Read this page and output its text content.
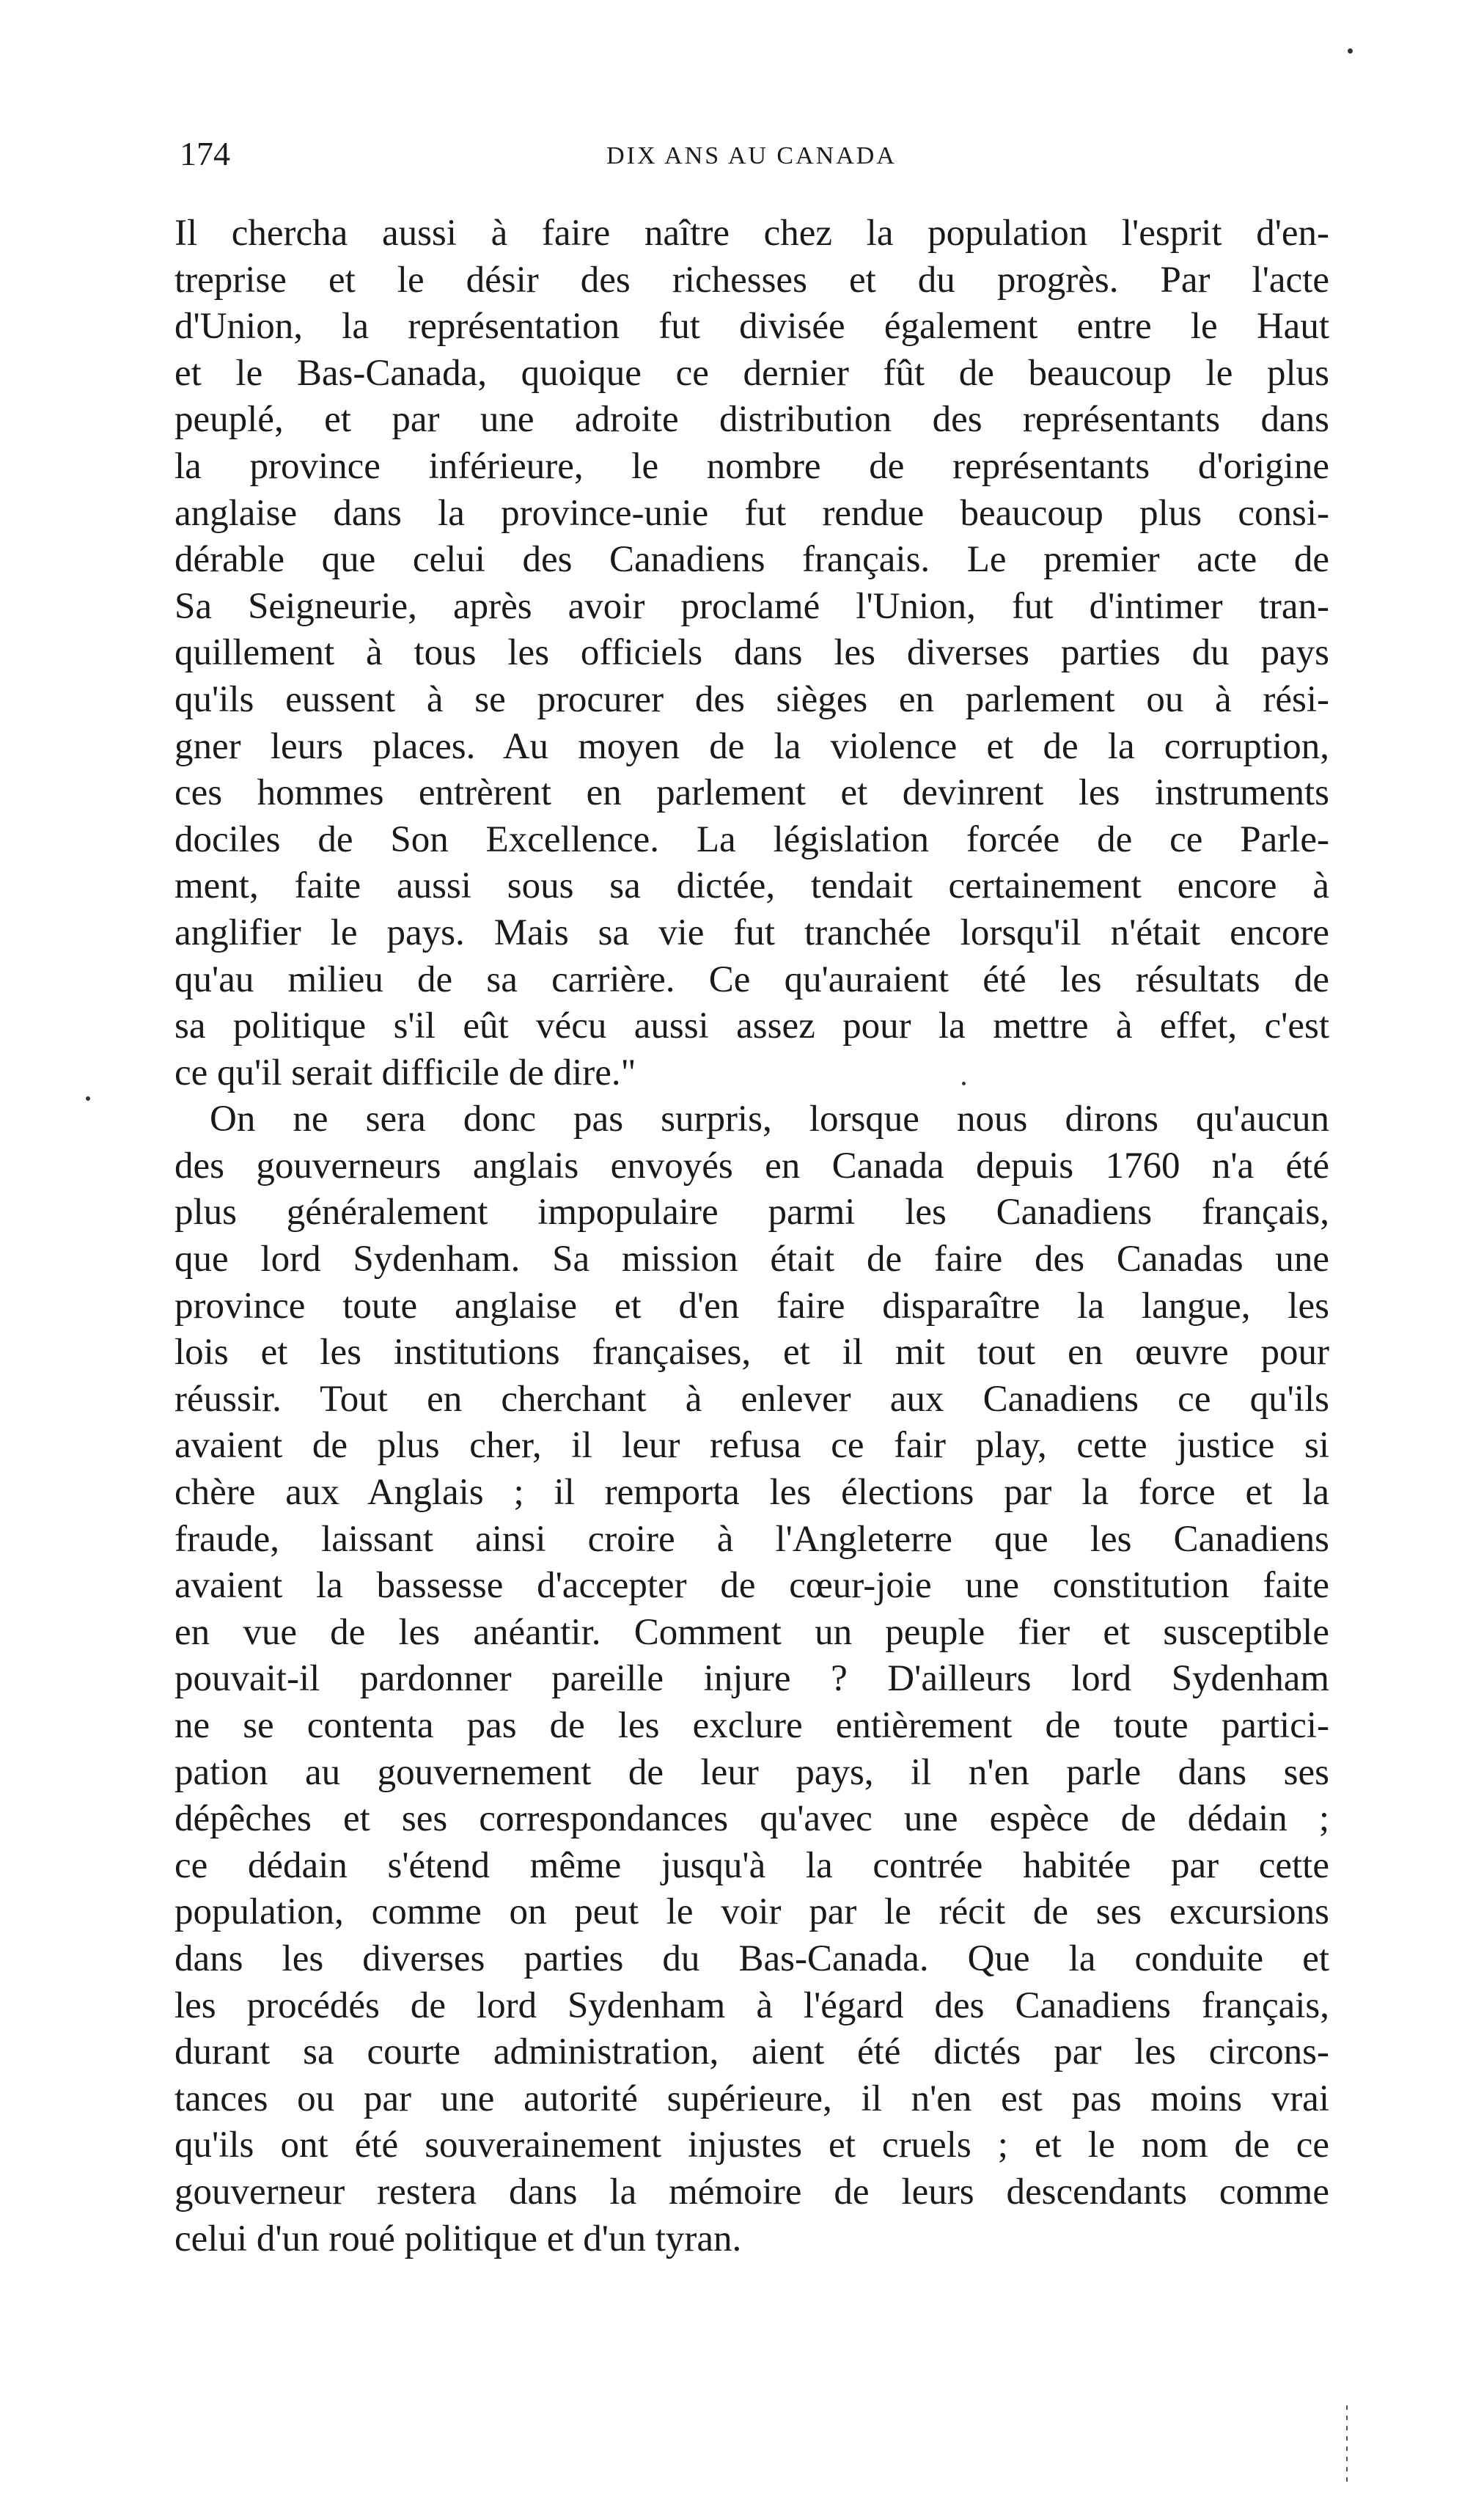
174	DIX ANS AU CANADA
Il chercha aussi à faire naître chez la population l'esprit d'en-
treprise et le désir des richesses et du progrès. Par l'acte
d'Union, la représentation fut divisée également entre le Haut
et le Bas-Canada, quoique ce dernier fût de beaucoup le plus
peuplé, et par une adroite distribution des représentants dans
la province inférieure, le nombre de représentants d'origine
anglaise dans la province-unie fut rendue beaucoup plus consi-
dérable que celui des Canadiens français. Le premier acte de
Sa Seigneurie, après avoir proclamé l'Union, fut d'intimer tran-
quillement à tous les officiels dans les diverses parties du pays
qu'ils eussent à se procurer des sièges en parlement ou à rési-
gner leurs places. Au moyen de la violence et de la corruption,
ces hommes entrèrent en parlement et devinrent les instruments
dociles de Son Excellence. La législation forcée de ce Parle-
ment, faite aussi sous sa dictée, tendait certainement encore à
anglifier le pays. Mais sa vie fut tranchée lorsqu'il n'était encore
qu'au milieu de sa carrière. Ce qu'auraient été les résultats de
sa politique s'il eût vécu aussi assez pour la mettre à effet, c'est
ce qu'il serait difficile de dire."
On ne sera donc pas surpris, lorsque nous dirons qu'aucun
des gouverneurs anglais envoyés en Canada depuis 1760 n'a été
plus généralement impopulaire parmi les Canadiens français,
que lord Sydenham. Sa mission était de faire des Canadas une
province toute anglaise et d'en faire disparaître la langue, les
lois et les institutions françaises, et il mit tout en œuvre pour
réussir. Tout en cherchant à enlever aux Canadiens ce qu'ils
avaient de plus cher, il leur refusa ce fair play, cette justice si
chère aux Anglais ; il remporta les élections par la force et la
fraude, laissant ainsi croire à l'Angleterre que les Canadiens
avaient la bassesse d'accepter de cœur-joie une constitution faite
en vue de les anéantir. Comment un peuple fier et susceptible
pouvait-il pardonner pareille injure ? D'ailleurs lord Sydenham
ne se contenta pas de les exclure entièrement de toute partici-
pation au gouvernement de leur pays, il n'en parle dans ses
dépêches et ses correspondances qu'avec une espèce de dédain ;
ce dédain s'étend même jusqu'à la contrée habitée par cette
population, comme on peut le voir par le récit de ses excursions
dans les diverses parties du Bas-Canada. Que la conduite et
les procédés de lord Sydenham à l'égard des Canadiens français,
durant sa courte administration, aient été dictés par les circons-
tances ou par une autorité supérieure, il n'en est pas moins vrai
qu'ils ont été souverainement injustes et cruels ; et le nom de ce
gouverneur restera dans la mémoire de leurs descendants comme
celui d'un roué politique et d'un tyran.
